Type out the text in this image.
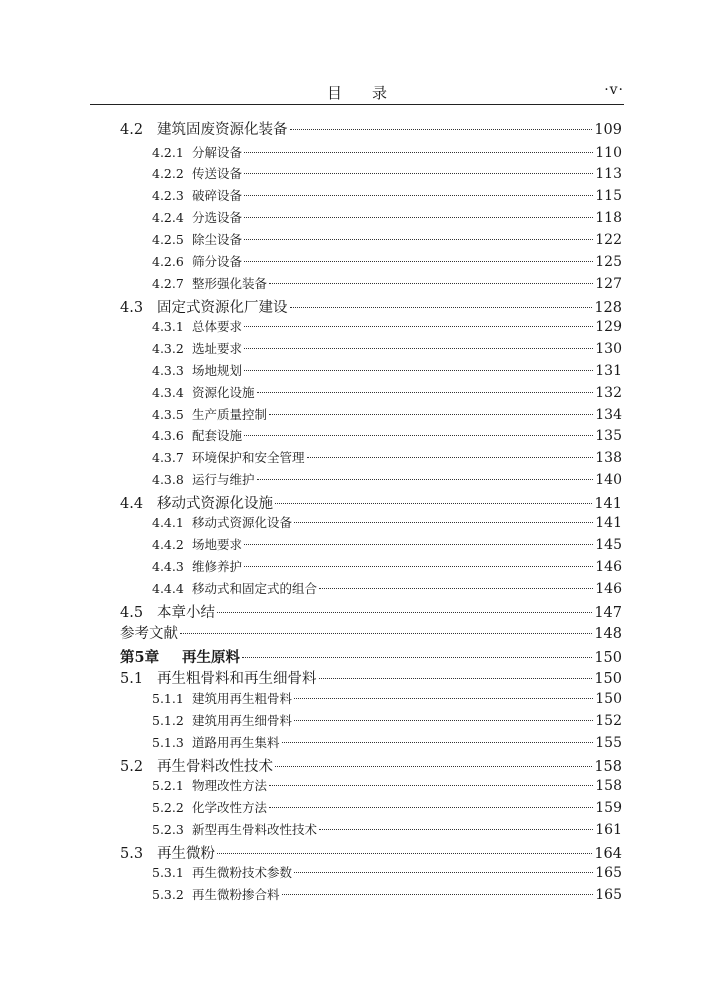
目录	·v·
4.2 建筑固废资源化装备	109
4.2.1 分解设备	110
4.2.2 传送设备	113
4.2.3 破碎设备	115
4.2.4 分选设备	118
4.2.5 除尘设备	122
4.2.6 筛分设备	125
4.2.7 整形强化装备	127
4.3 固定式资源化厂建设	128
4.3.1 总体要求	129
4.3.2 选址要求	130
4.3.3 场地规划	131
4.3.4 资源化设施	132
4.3.5 生产质量控制	134
4.3.6 配套设施	135
4.3.7 环境保护和安全管理	138
4.3.8 运行与维护	140
4.4 移动式资源化设施	141
4.4.1 移动式资源化设备	141
4.4.2 场地要求	145
4.4.3 维修养护	146
4.4.4 移动式和固定式的组合	146
4.5 本章小结	147
参考文献	148
第5章	再生原料	150
5.1 再生粗骨料和再生细骨料	150
5.1.1 建筑用再生粗骨料	150
5.1.2 建筑用再生细骨料	152
5.1.3 道路用再生集料	155
5.2 再生骨料改性技术	158
5.2.1 物理改性方法	158
5.2.2 化学改性方法	159
5.2.3 新型再生骨料改性技术	161
5.3 再生微粉	164
5.3.1 再生微粉技术参数	165
5.3.2 再生微粉掺合料	165
